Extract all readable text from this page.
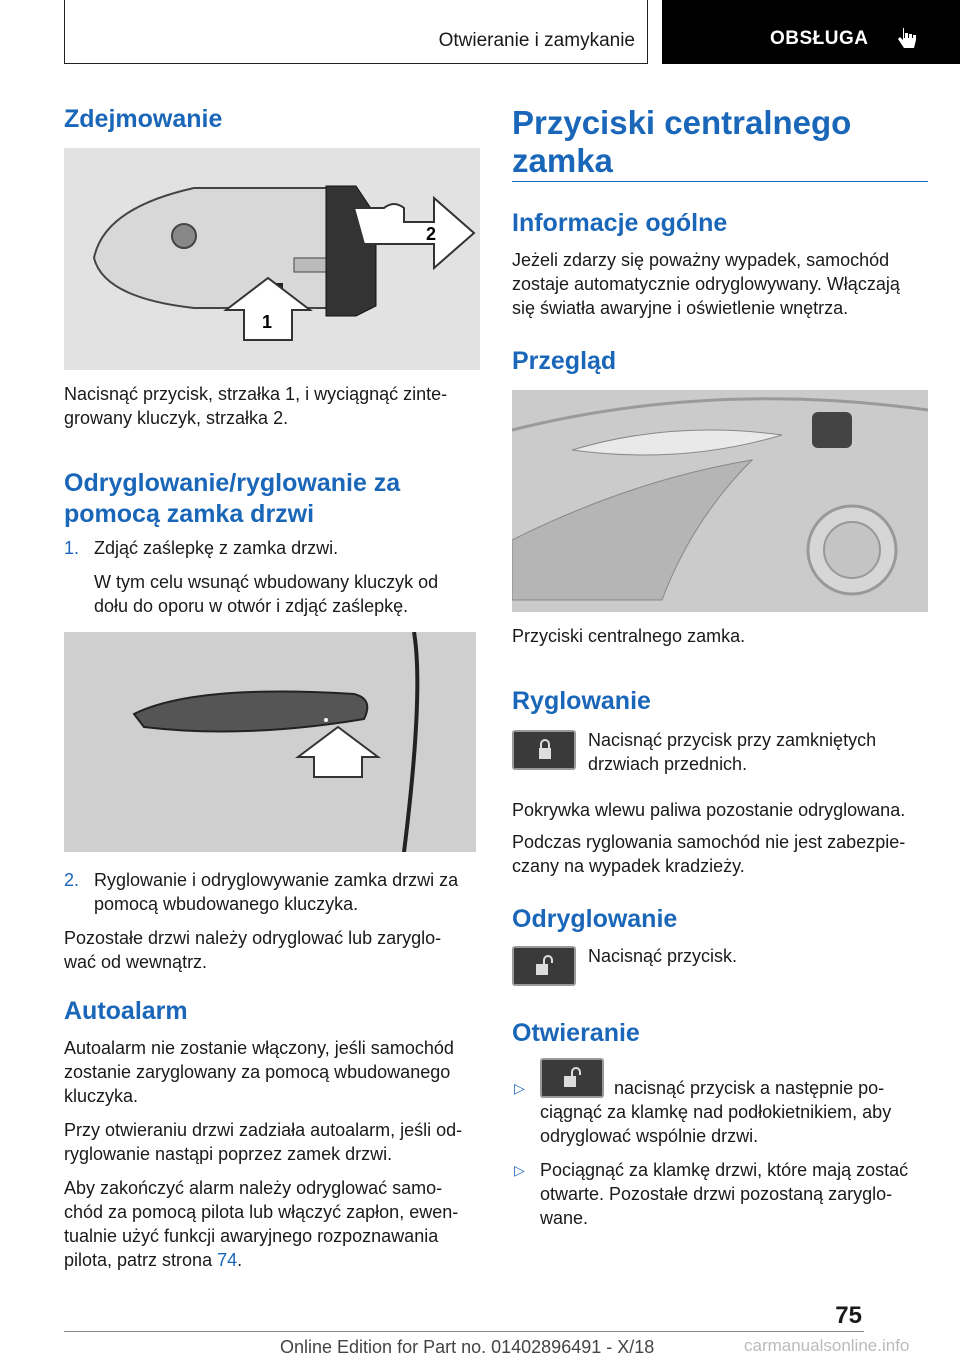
Otwieranie i zamykanie	OBSŁUGA
Zdejmowanie
2
1

Nacisnąć przycisk, strzałka 1, i wyciągnąć zinte-
growany kluczyk, strzałka 2.

Odryglowanie/ryglowanie za
pomocą zamka drzwi

1. Zdjąć zaślepkę z zamka drzwi.

W tym celu wsunąć wbudowany kluczyk od
dołu do oporu w otwór i zdjąć zaślepkę.

2. Ryglowanie i odryglowywanie zamka drzwi za
pomocą wbudowanego kluczyka.

Pozostałe drzwi należy odryglować lub zaryglo-
wać od wewnątrz.

Autoalarm

Autoalarm nie zostanie włączony, jeśli samochód
zostanie zaryglowany za pomocą wbudowanego
kluczyka.

Przy otwieraniu drzwi zadziała autoalarm, jeśli od-
ryglowanie nastąpi poprzez zamek drzwi.

Aby zakończyć alarm należy odryglować samo-
chód za pomocą pilota lub włączyć zapłon, ewen-
tualnie użyć funkcji awaryjnego rozpoznawania
pilota, patrz strona 74.

Przyciski centralnego
zamka
Informacje ogólne

Jeżeli zdarzy się poważny wypadek, samochód
zostaje automatycznie odryglowywany. Włączają
się światła awaryjne i oświetlenie wnętrza.

Przegląd

Przyciski centralnego zamka.

Ryglowanie

Nacisnąć przycisk przy zamkniętych
drzwiach przednich.

Pokrywka wlewu paliwa pozostanie odryglowana.

Podczas ryglowania samochód nie jest zabezpie-
czany na wypadek kradzieży.

Odryglowanie

Nacisnąć przycisk.

Otwieranie
▷	nacisnąć przycisk a następnie po-

ciągnąć za klamkę nad podłokietnikiem, aby
odryglować wspólnie drzwi.

▷ Pociągnąć za klamkę drzwi, które mają zostać
otwarte. Pozostałe drzwi pozostaną zaryglo-
wane.

75
Online Edition for Part no. 01402896491 - X/18	carmanualsonline.info
